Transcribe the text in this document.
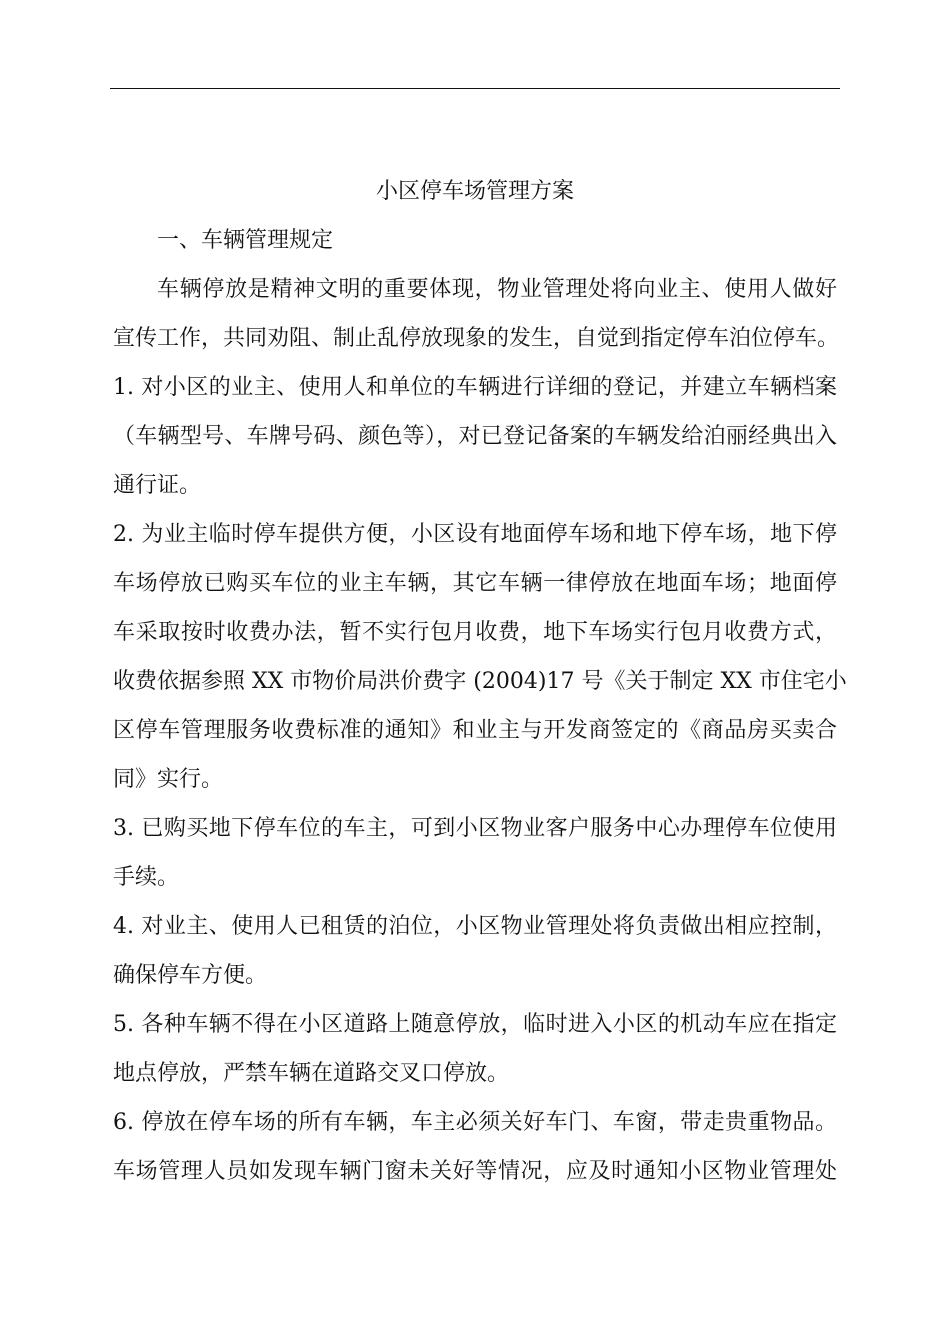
小区停车场管理方案
一、车辆管理规定
车辆停放是精神文明的重要体现，物业管理处将向业主、使用人做好
宣传工作，共同劝阻、制止乱停放现象的发生，自觉到指定停车泊位停车。
1. 对小区的业主、使用人和单位的车辆进行详细的登记，并建立车辆档案
（车辆型号、车牌号码、颜色等），对已登记备案的车辆发给泊丽经典出入
通行证。
2. 为业主临时停车提供方便，小区设有地面停车场和地下停车场，地下停
车场停放已购买车位的业主车辆，其它车辆一律停放在地面车场；地面停
车采取按时收费办法，暂不实行包月收费，地下车场实行包月收费方式，
收费依据参照 XX 市物价局洪价费字 (2004)17 号《关于制定 XX 市住宅小
区停车管理服务收费标准的通知》和业主与开发商签定的《商品房买卖合
同》实行。
3. 已购买地下停车位的车主，可到小区物业客户服务中心办理停车位使用
手续。
4. 对业主、使用人已租赁的泊位，小区物业管理处将负责做出相应控制，
确保停车方便。
5. 各种车辆不得在小区道路上随意停放，临时进入小区的机动车应在指定
地点停放，严禁车辆在道路交叉口停放。
6. 停放在停车场的所有车辆，车主必须关好车门、车窗，带走贵重物品。
车场管理人员如发现车辆门窗未关好等情况，应及时通知小区物业管理处
